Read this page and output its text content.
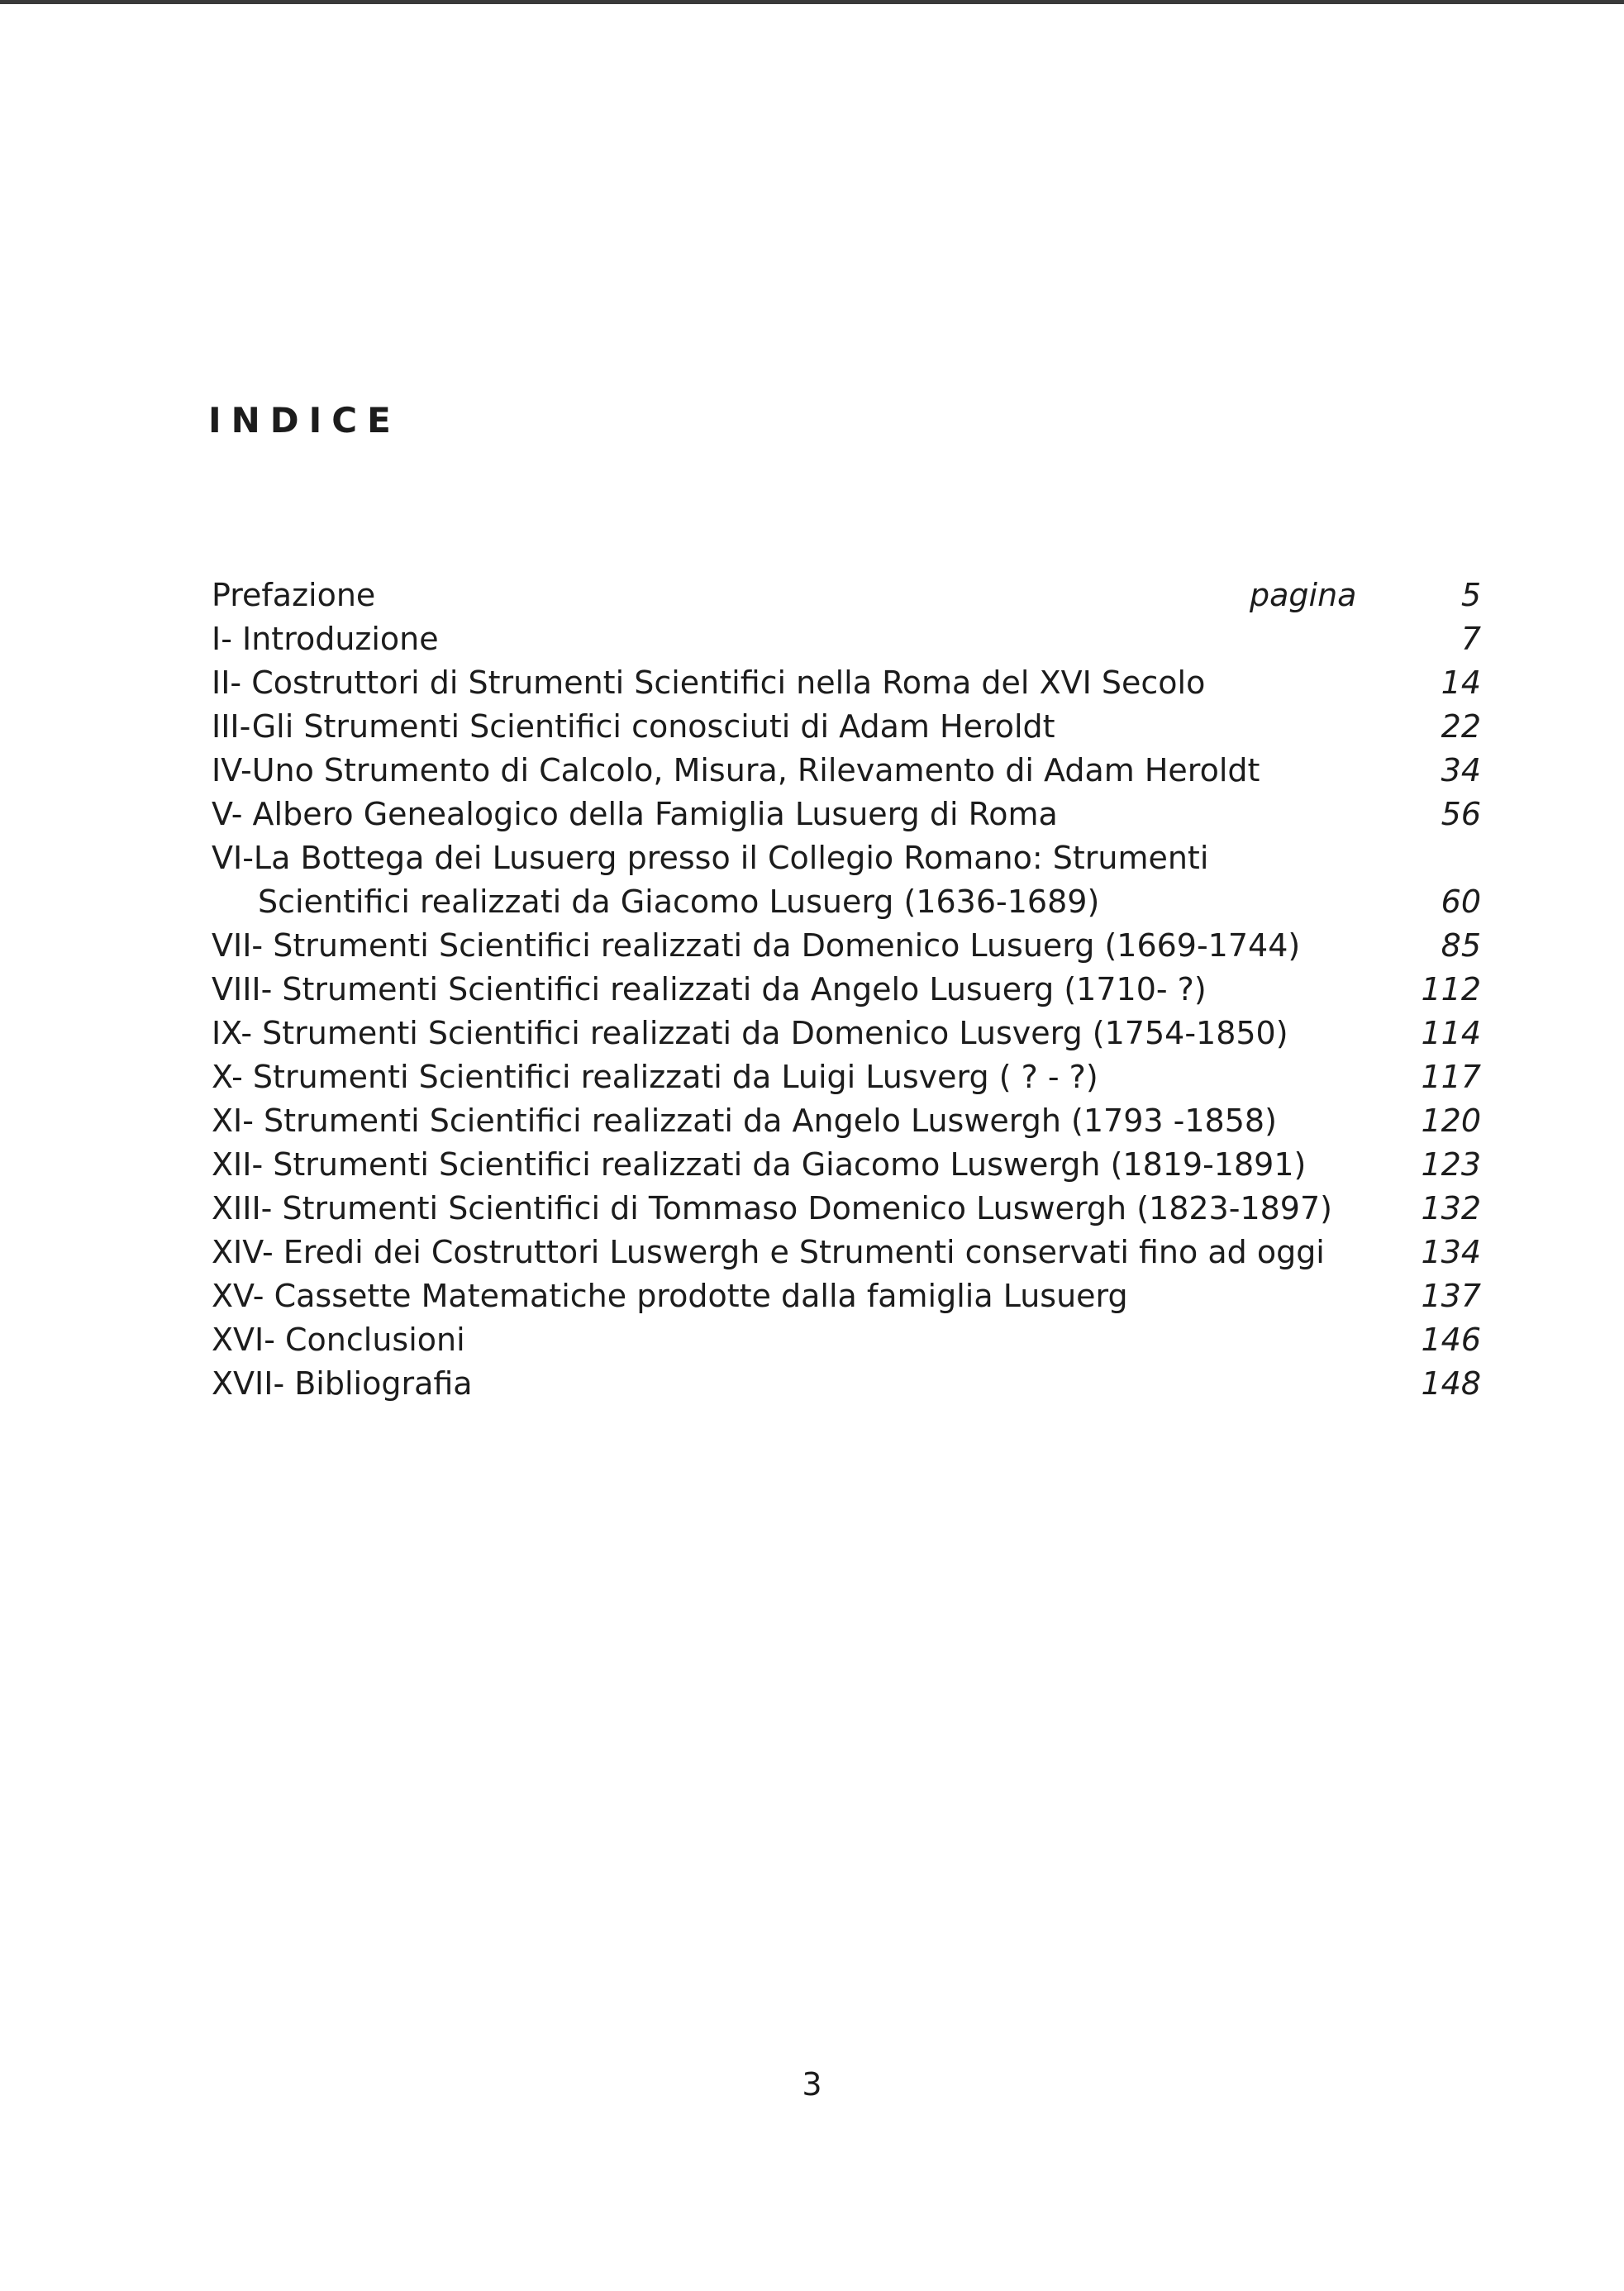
INDICE
Prefazione	pagina	5
I- Introduzione	7
II- Costruttori di Strumenti Scientifici nella Roma del XVI Secolo	14
III-Gli Strumenti Scientifici conosciuti di Adam Heroldt	22
IV-Uno Strumento di Calcolo, Misura, Rilevamento di Adam Heroldt	34
V- Albero Genealogico della Famiglia Lusuerg di Roma	56
VI-La Bottega dei Lusuerg presso il Collegio Romano: Strumenti
Scientifici realizzati da Giacomo Lusuerg (1636-1689)	60
VII- Strumenti Scientifici realizzati da Domenico Lusuerg (1669-1744)	85
VIII- Strumenti Scientifici realizzati da Angelo Lusuerg (1710- ?)	112
IX- Strumenti Scientifici realizzati da Domenico Lusverg (1754-1850)	114
X- Strumenti Scientifici realizzati da Luigi Lusverg ( ? - ?)	117
XI- Strumenti Scientifici realizzati da Angelo Luswergh (1793 -1858)	120
XII- Strumenti Scientifici realizzati da Giacomo Luswergh (1819-1891)	123
XIII- Strumenti Scientifici di Tommaso Domenico Luswergh (1823-1897)	132
XIV- Eredi dei Costruttori Luswergh e Strumenti conservati fino ad oggi	134
XV- Cassette Matematiche prodotte dalla famiglia Lusuerg	137
XVI- Conclusioni	146
XVII- Bibliografia	148
3
